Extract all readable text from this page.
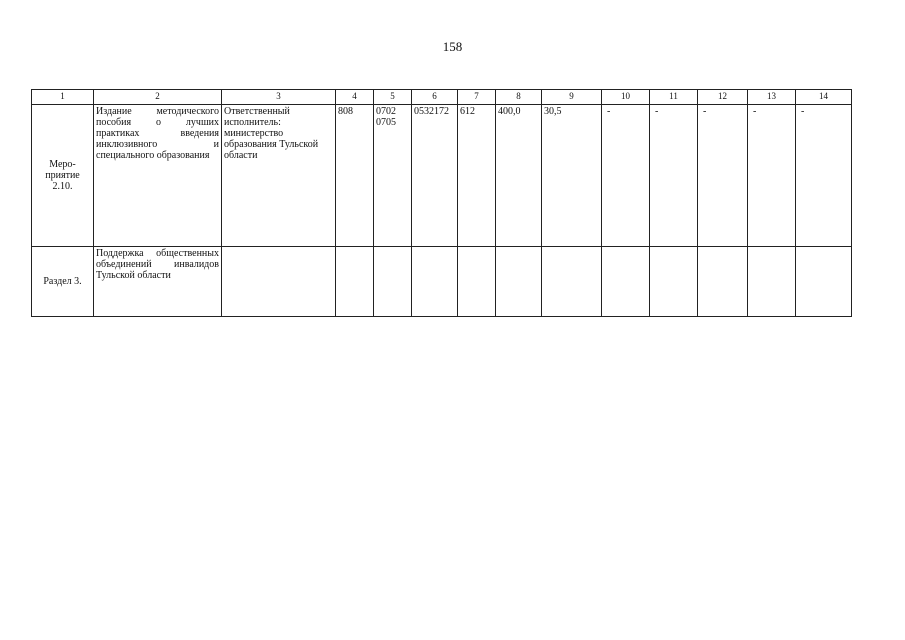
158
1	2	3	4	5	6	7	8	9	10	11	12	13	14
Меро-
приятие
2.10.	Издание методического пособия о лучших практиках введения инклюзивного и специального образования	Ответственный исполнитель: министерство образования Тульской области	808	0702
0705	0532172	612	400,0	30,5	-	-	-	-	-
Раздел 3.	Поддержка общественных объединений инвалидов Тульской области												
